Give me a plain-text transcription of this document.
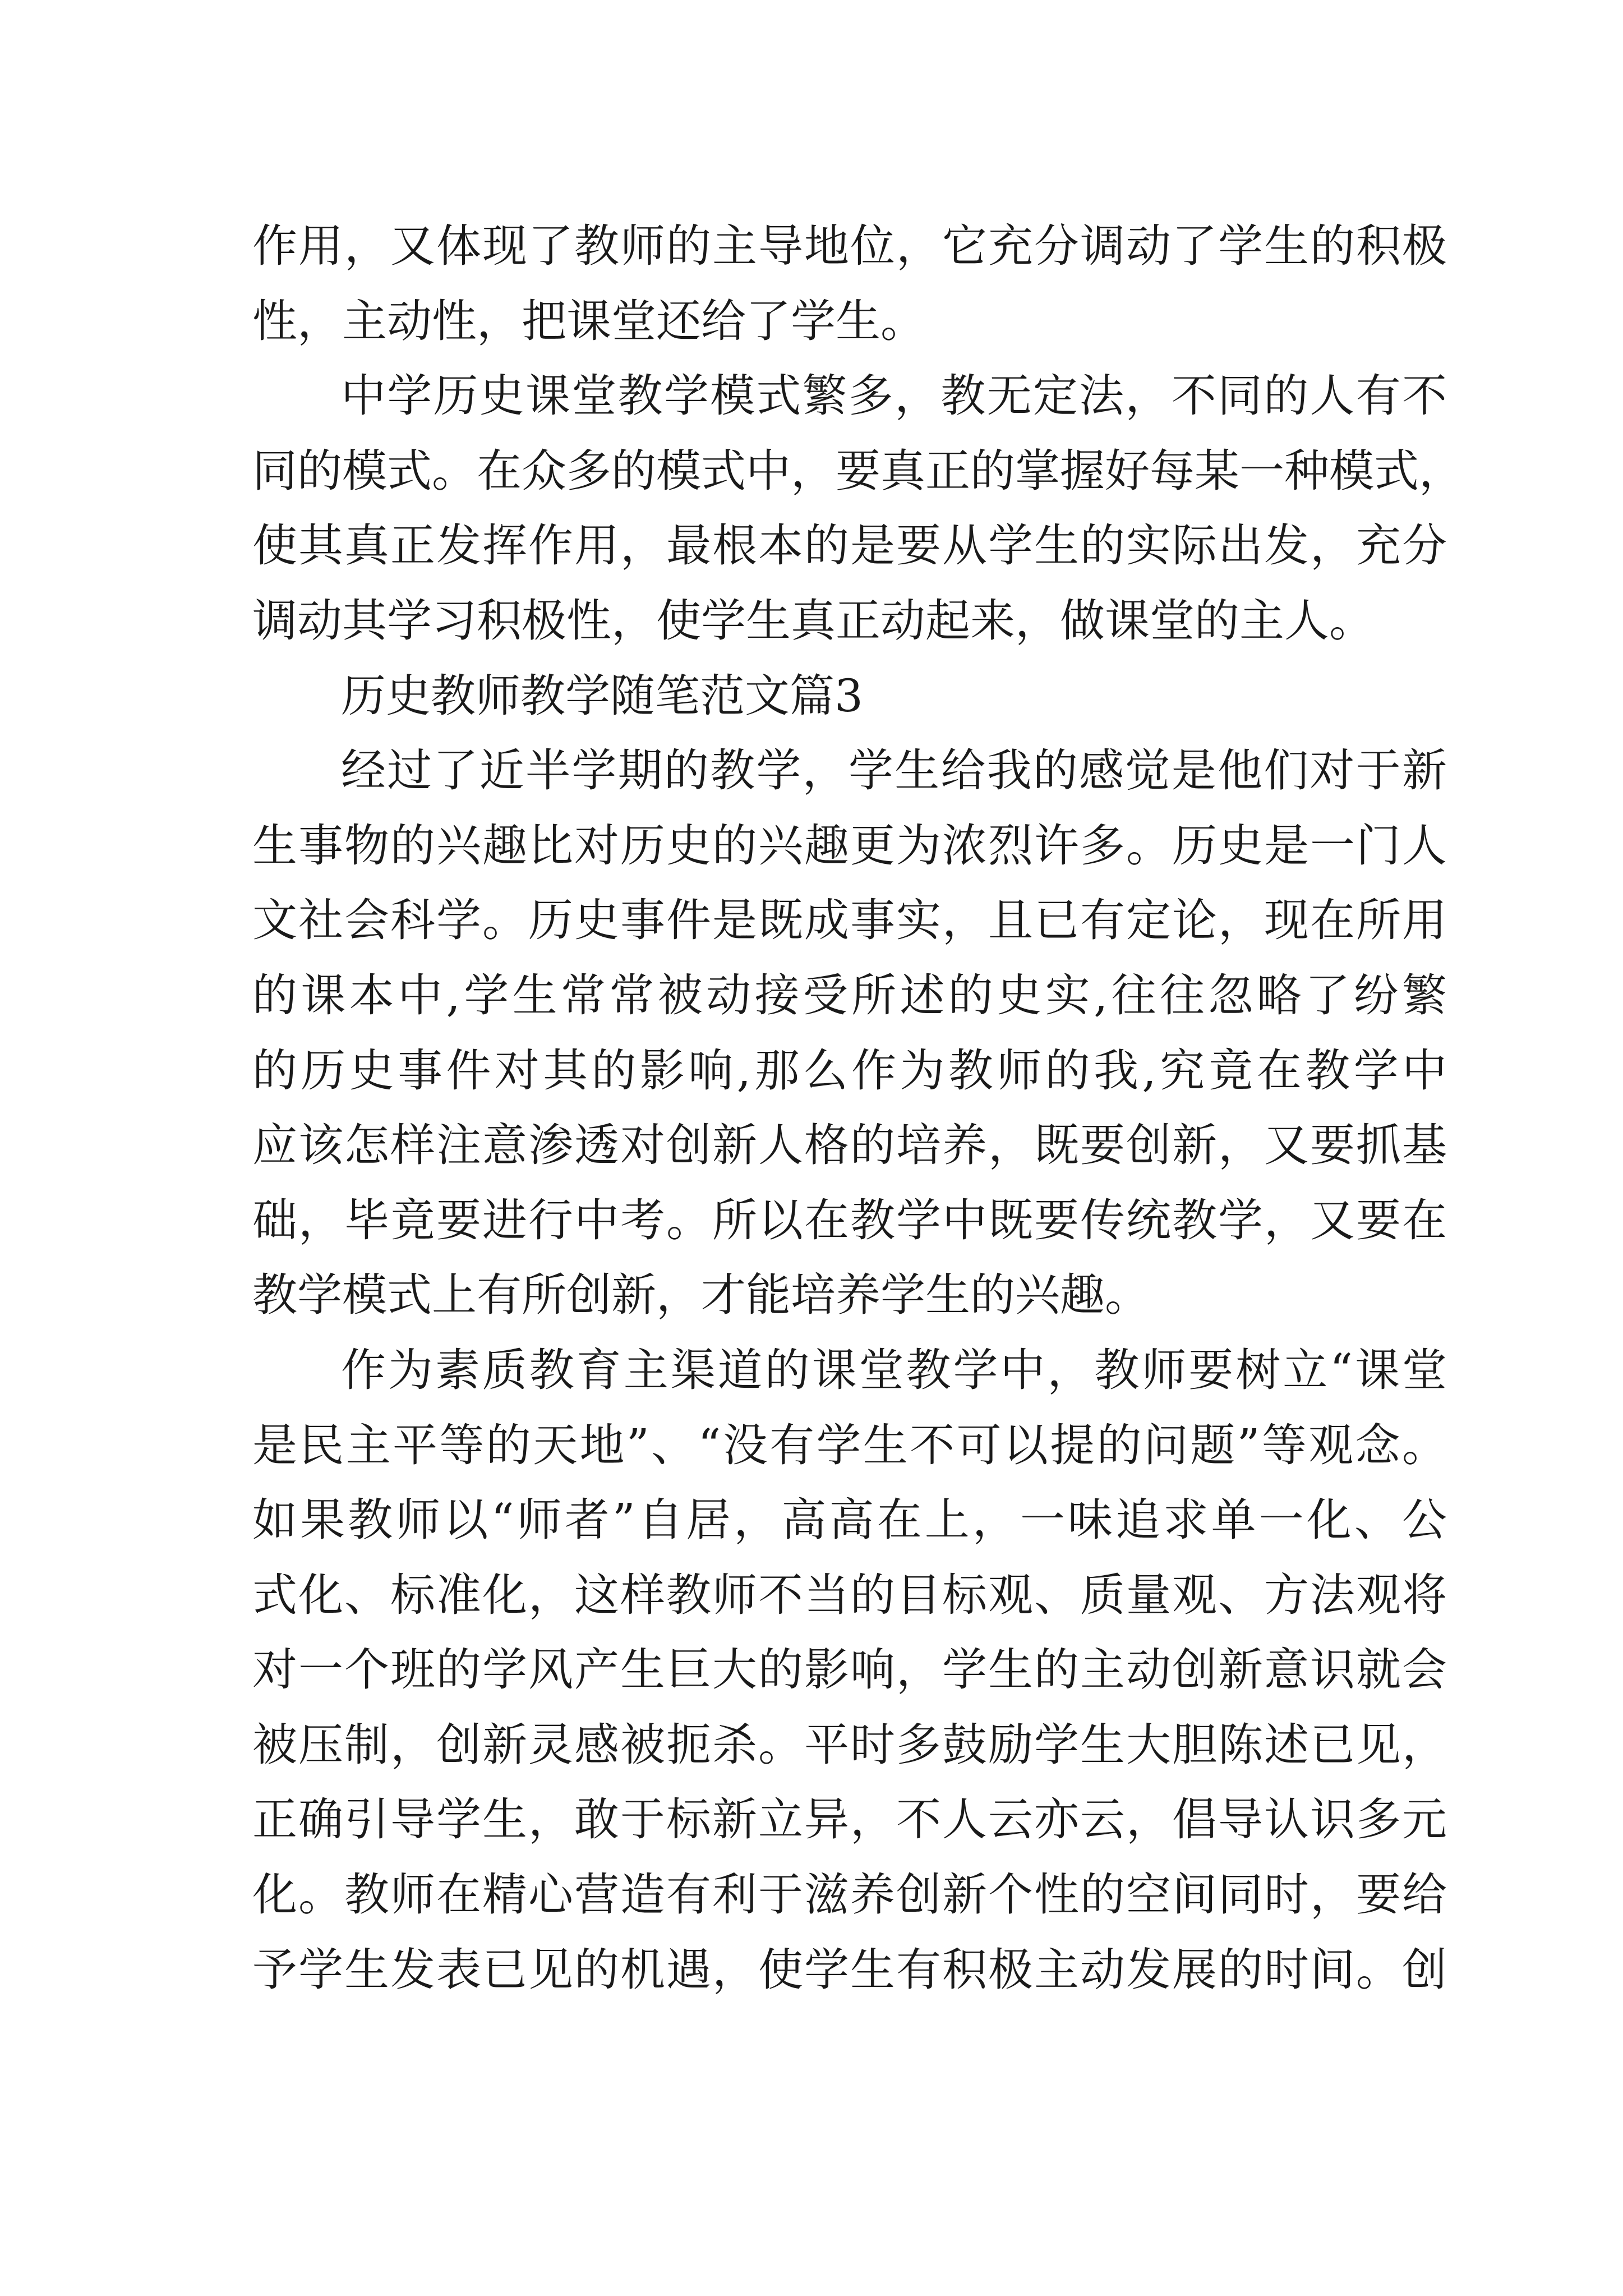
作用，又体现了教师的主导地位，它充分调动了学生的积极
性，主动性，把课堂还给了学生。
中学历史课堂教学模式繁多，教无定法，不同的人有不
同的模式。在众多的模式中，要真正的掌握好每某一种模式，
使其真正发挥作用，最根本的是要从学生的实际出发，充分
调动其学习积极性，使学生真正动起来，做课堂的主人。
历史教师教学随笔范文篇3
经过了近半学期的教学，学生给我的感觉是他们对于新
生事物的兴趣比对历史的兴趣更为浓烈许多。历史是一门人
文社会科学。历史事件是既成事实，且已有定论，现在所用
的课本中,学生常常被动接受所述的史实,往往忽略了纷繁
的历史事件对其的影响,那么作为教师的我,究竟在教学中
应该怎样注意渗透对创新人格的培养，既要创新，又要抓基
础，毕竟要进行中考。所以在教学中既要传统教学，又要在
教学模式上有所创新，才能培养学生的兴趣。
作为素质教育主渠道的课堂教学中，教师要树立“课堂
是民主平等的天地”、“没有学生不可以提的问题”等观念。
如果教师以“师者”自居，高高在上，一味追求单一化、公
式化、标准化，这样教师不当的目标观、质量观、方法观将
对一个班的学风产生巨大的影响，学生的主动创新意识就会
被压制，创新灵感被扼杀。平时多鼓励学生大胆陈述已见，
正确引导学生，敢于标新立异，不人云亦云，倡导认识多元
化。教师在精心营造有利于滋养创新个性的空间同时，要给
予学生发表已见的机遇，使学生有积极主动发展的时间。创
